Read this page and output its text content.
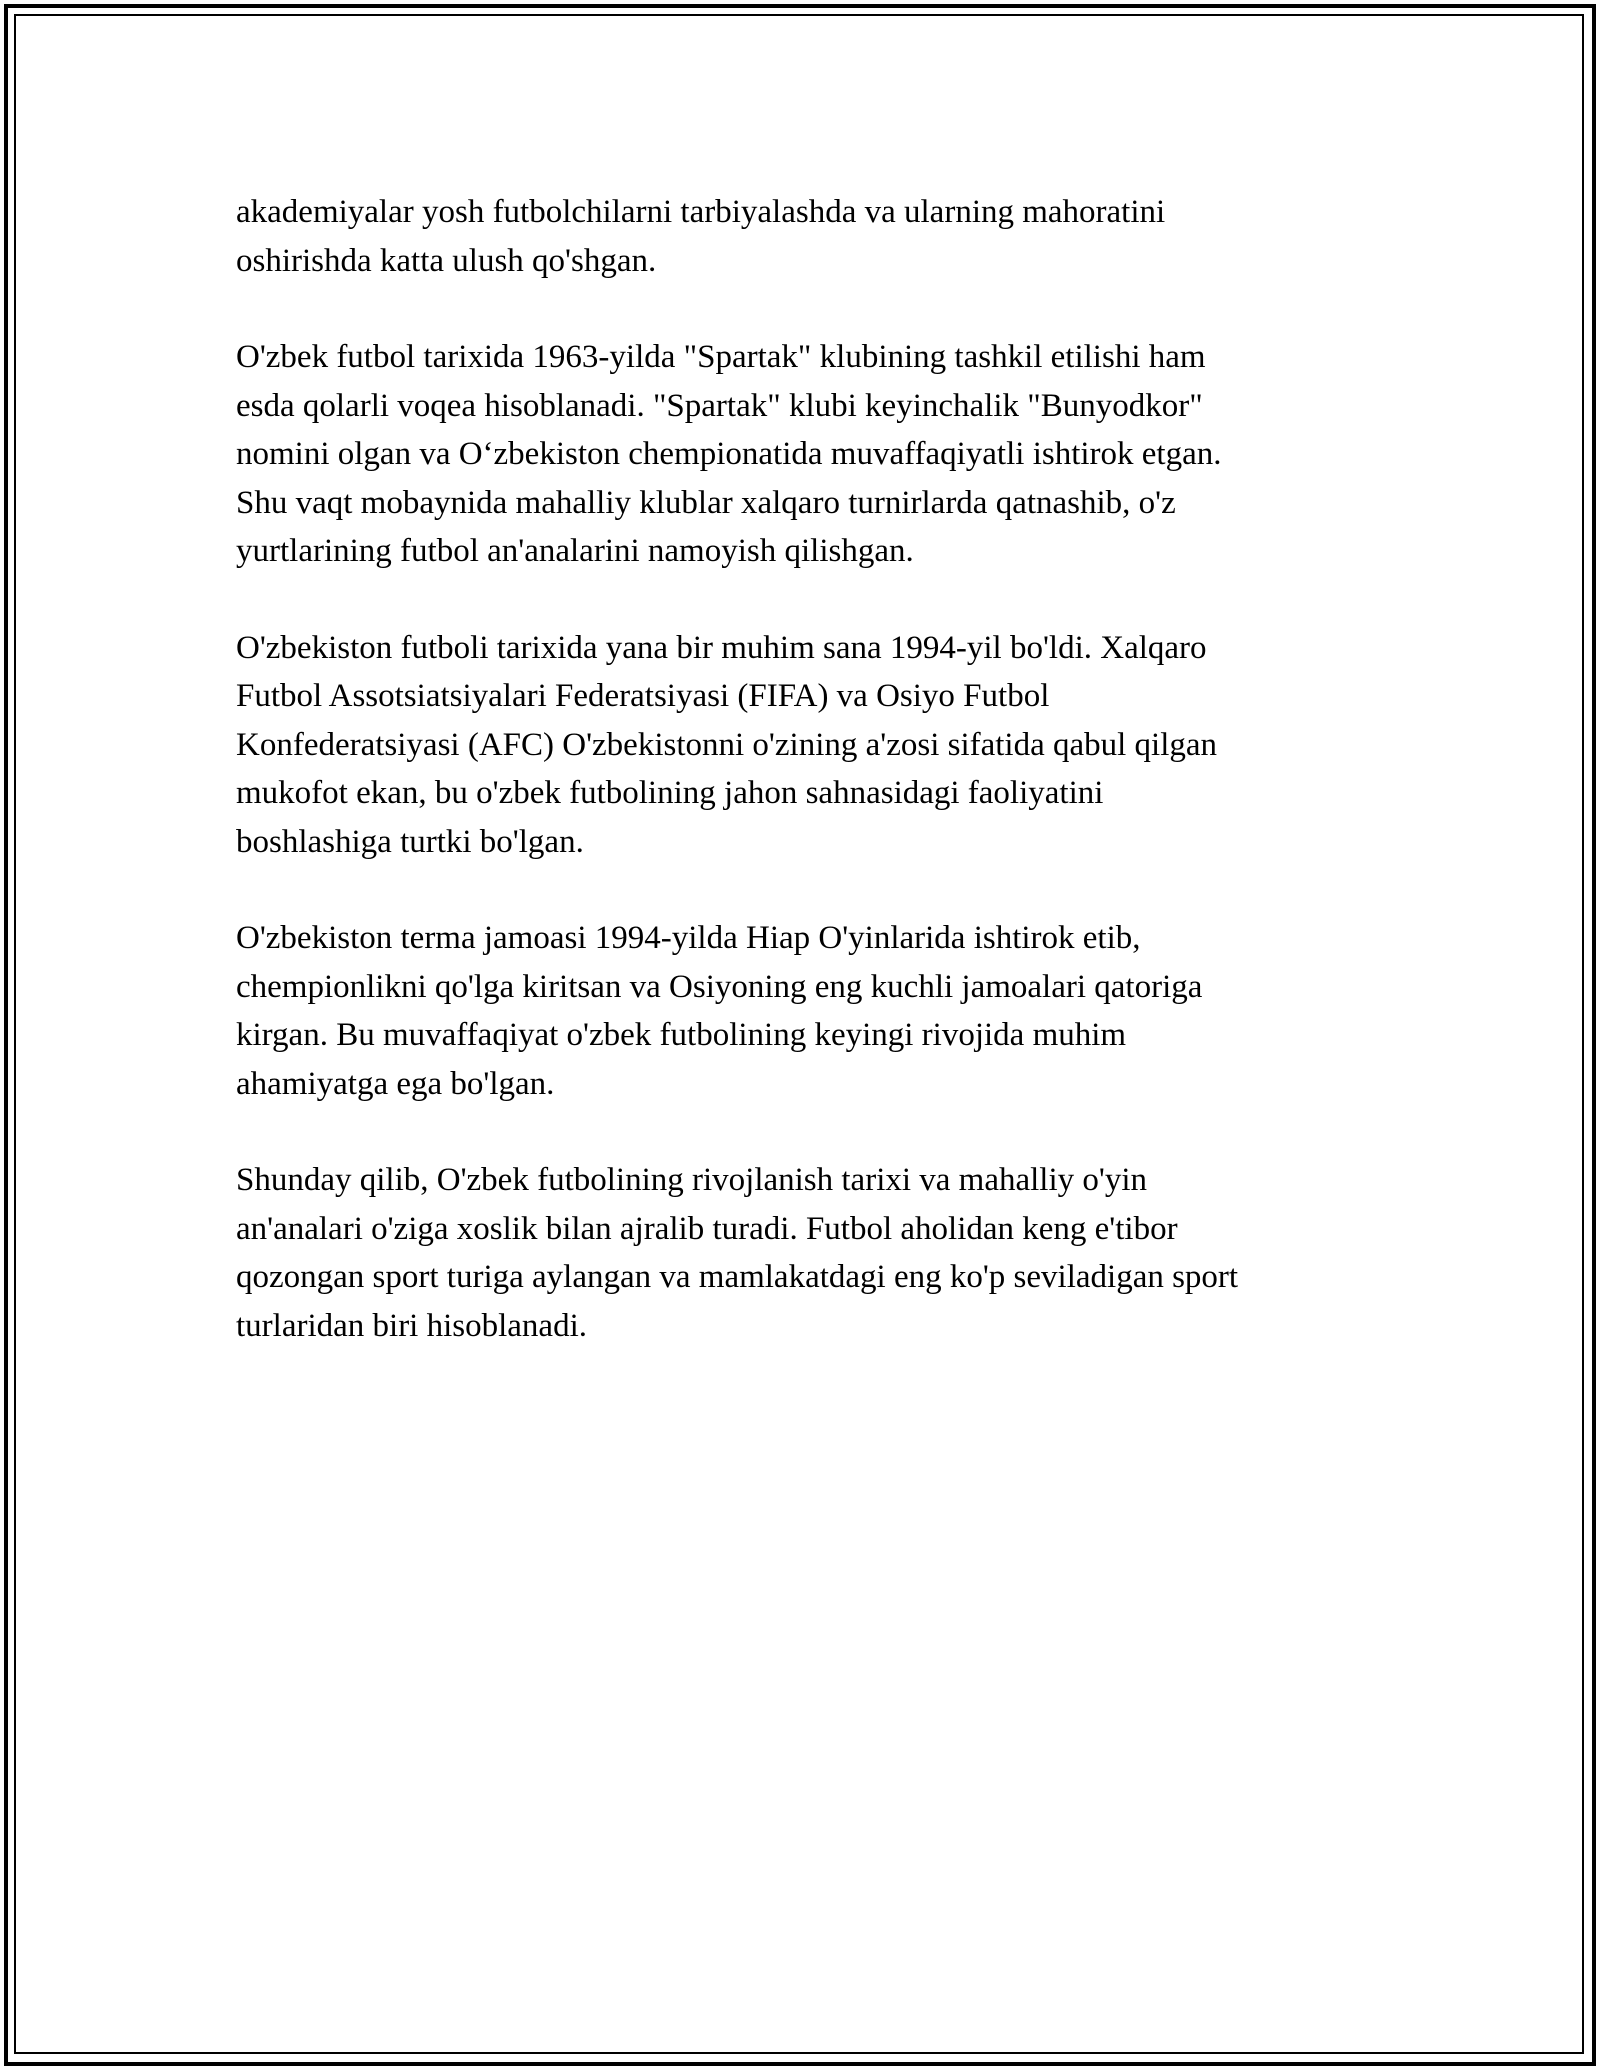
akademiyalar yosh futbolchilarni tarbiyalashda va ularning mahoratini
oshirishda katta ulush qo'shgan.

O'zbek futbol tarixida 1963-yilda "Spartak" klubining tashkil etilishi ham
esda qolarli voqea hisoblanadi. "Spartak" klubi keyinchalik "Bunyodkor"
nomini olgan va O‘zbekiston chempionatida muvaffaqiyatli ishtirok etgan.
Shu vaqt mobaynida mahalliy klublar xalqaro turnirlarda qatnashib, o'z
yurtlarining futbol an'analarini namoyish qilishgan.

O'zbekiston futboli tarixida yana bir muhim sana 1994-yil bo'ldi. Xalqaro
Futbol Assotsiatsiyalari Federatsiyasi (FIFA) va Osiyo Futbol
Konfederatsiyasi (AFC) O'zbekistonni o'zining a'zosi sifatida qabul qilgan
mukofot ekan, bu o'zbek futbolining jahon sahnasidagi faoliyatini
boshlashiga turtki bo'lgan.

O'zbekiston terma jamoasi 1994-yilda Hiap O'yinlarida ishtirok etib,
chempionlikni qo'lga kiritsan va Osiyoning eng kuchli jamoalari qatoriga
kirgan. Bu muvaffaqiyat o'zbek futbolining keyingi rivojida muhim
ahamiyatga ega bo'lgan.

Shunday qilib, O'zbek futbolining rivojlanish tarixi va mahalliy o'yin
an'analari o'ziga xoslik bilan ajralib turadi. Futbol aholidan keng e'tibor
qozongan sport turiga aylangan va mamlakatdagi eng ko'p seviladigan sport
turlaridan biri hisoblanadi.
